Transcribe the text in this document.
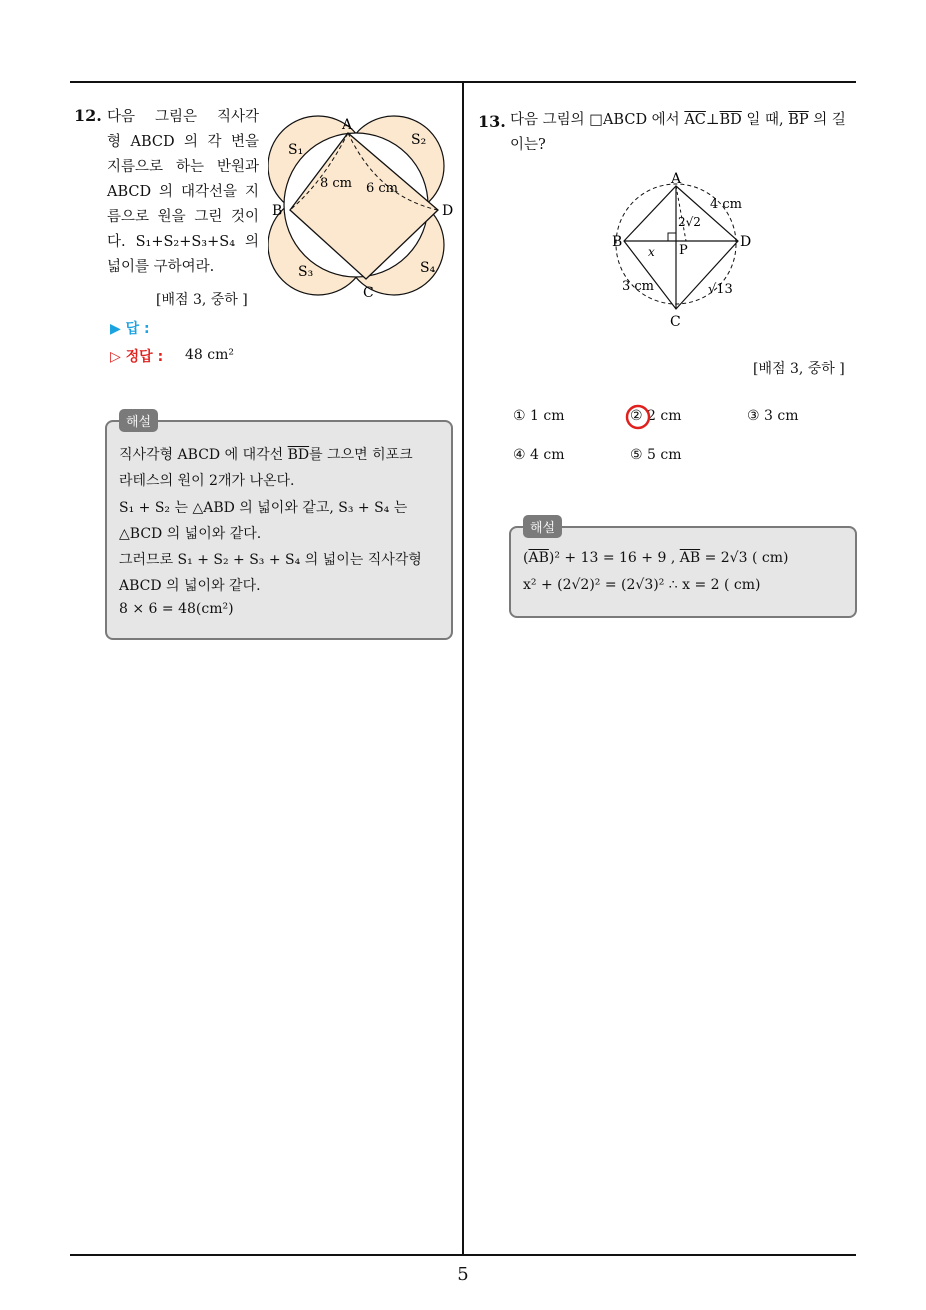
5
12. 다음 그림은 직사각
형 ABCD 의 각 변을
지름으로 하는 반원과
ABCD 의 대각선을 지
름으로 원을 그린 것이
다. S₁+S₂+S₃+S₄ 의
넓이를 구하여라.
[배점 3, 중하 ]
A
B
C
D
S₁
S₂
S₃	S₄
8 cm 6 cm
▶ 답 :
▷ 정답 : 48 cm²
직사각형 ABCD 에 대각선 $\overline{BD}$를 그으면 히포크
라테스의 원이 2개가 나온다.
S₁ + S₂ 는 △ABD 의 넓이와 같고, S₃ + S₄ 는
△BCD 의 넓이와 같다.
그러므로 S₁ + S₂ + S₃ + S₄ 의 넓이는 직사각형
ABCD 의 넓이와 같다.
8 × 6 = 48(cm²)
해설
13. 다음 그림의 □ABCD 에서 $\overline{AC}\perp\overline{BD}$ 일 때, $\overline{BP}$ 의 길
이는?
A
B
C
D
P
x
4 cm
2√2
3 cm	√13
[배점 3, 중하 ]
① 1 cm	② 2 cm	③ 3 cm
④ 4 cm	⑤ 5 cm
$(\overline{AB})^2 + 13 = 16 + 9$ , $\overline{AB} = 2√3$ ( cm)
x² + (2√2)² = (2√3)² ∴ x = 2 ( cm)
해설
